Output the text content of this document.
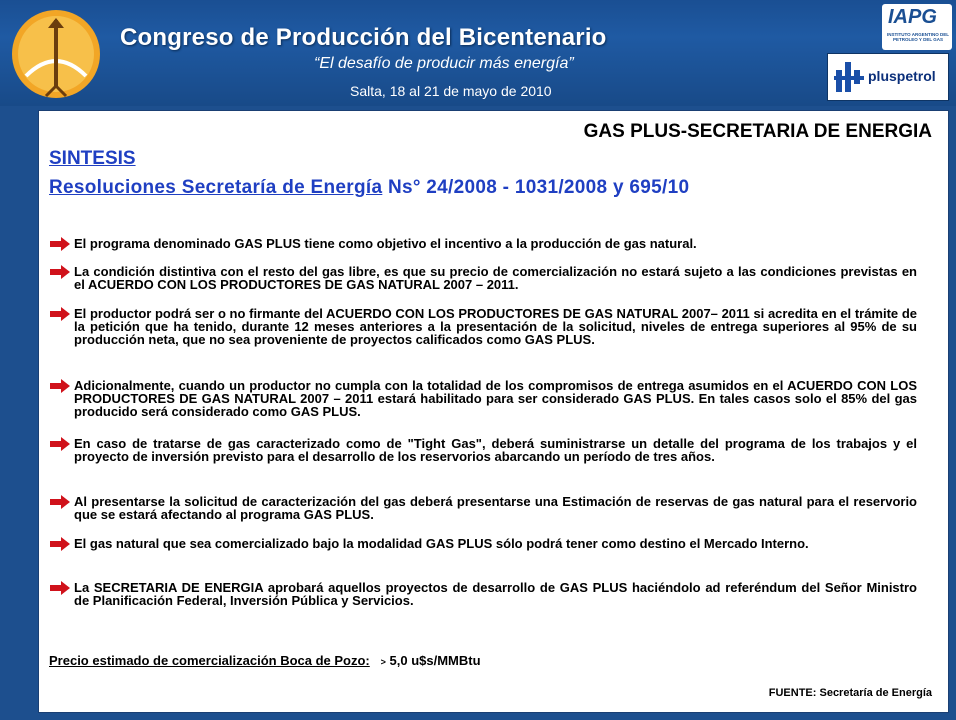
Congreso de Producción del Bicentenario
“El desafío de producir más energía”
Salta, 18 al 21 de mayo de 2010
IAPG
INSTITUTO ARGENTINO DEL PETROLEO Y DEL GAS
pluspetrol
GAS PLUS-SECRETARIA DE ENERGIA
SINTESIS
Resoluciones Secretaría de Energía Ns° 24/2008 - 1031/2008 y 695/10
El programa denominado GAS PLUS tiene como objetivo el incentivo a la producción de gas natural.
La condición distintiva con el resto del gas libre, es que su precio de comercialización no estará sujeto a las condiciones previstas en el ACUERDO CON LOS PRODUCTORES DE GAS NATURAL 2007 – 2011.
El productor podrá ser o no firmante del ACUERDO CON LOS PRODUCTORES DE GAS NATURAL 2007– 2011 si acredita en el trámite de la petición que ha tenido, durante 12 meses anteriores a la presentación de la solicitud, niveles de entrega superiores al 95% de su producción neta, que no sea proveniente de proyectos calificados como GAS PLUS.
Adicionalmente, cuando un productor no cumpla con la totalidad de los compromisos de entrega asumidos en el ACUERDO CON LOS PRODUCTORES DE GAS NATURAL 2007 – 2011 estará habilitado para ser considerado GAS PLUS. En tales casos solo el 85% del gas producido será considerado como GAS PLUS.
En caso de tratarse de gas caracterizado como de "Tight Gas", deberá suministrarse un detalle del programa de los trabajos y el proyecto de inversión previsto para el desarrollo de los reservorios abarcando un período de tres años.
Al presentarse la solicitud de caracterización del gas deberá presentarse una Estimación de reservas de gas natural para el reservorio que se estará afectando al programa GAS PLUS.
El gas natural que sea comercializado bajo la modalidad GAS PLUS sólo podrá tener como destino el Mercado Interno.
La SECRETARIA DE ENERGIA aprobará aquellos proyectos de desarrollo de GAS PLUS haciéndolo ad referéndum del Señor Ministro de Planificación Federal, Inversión Pública y Servicios.
Precio estimado de comercialización Boca de Pozo: > 5,0 u$s/MMBtu
FUENTE: Secretaría de Energía
